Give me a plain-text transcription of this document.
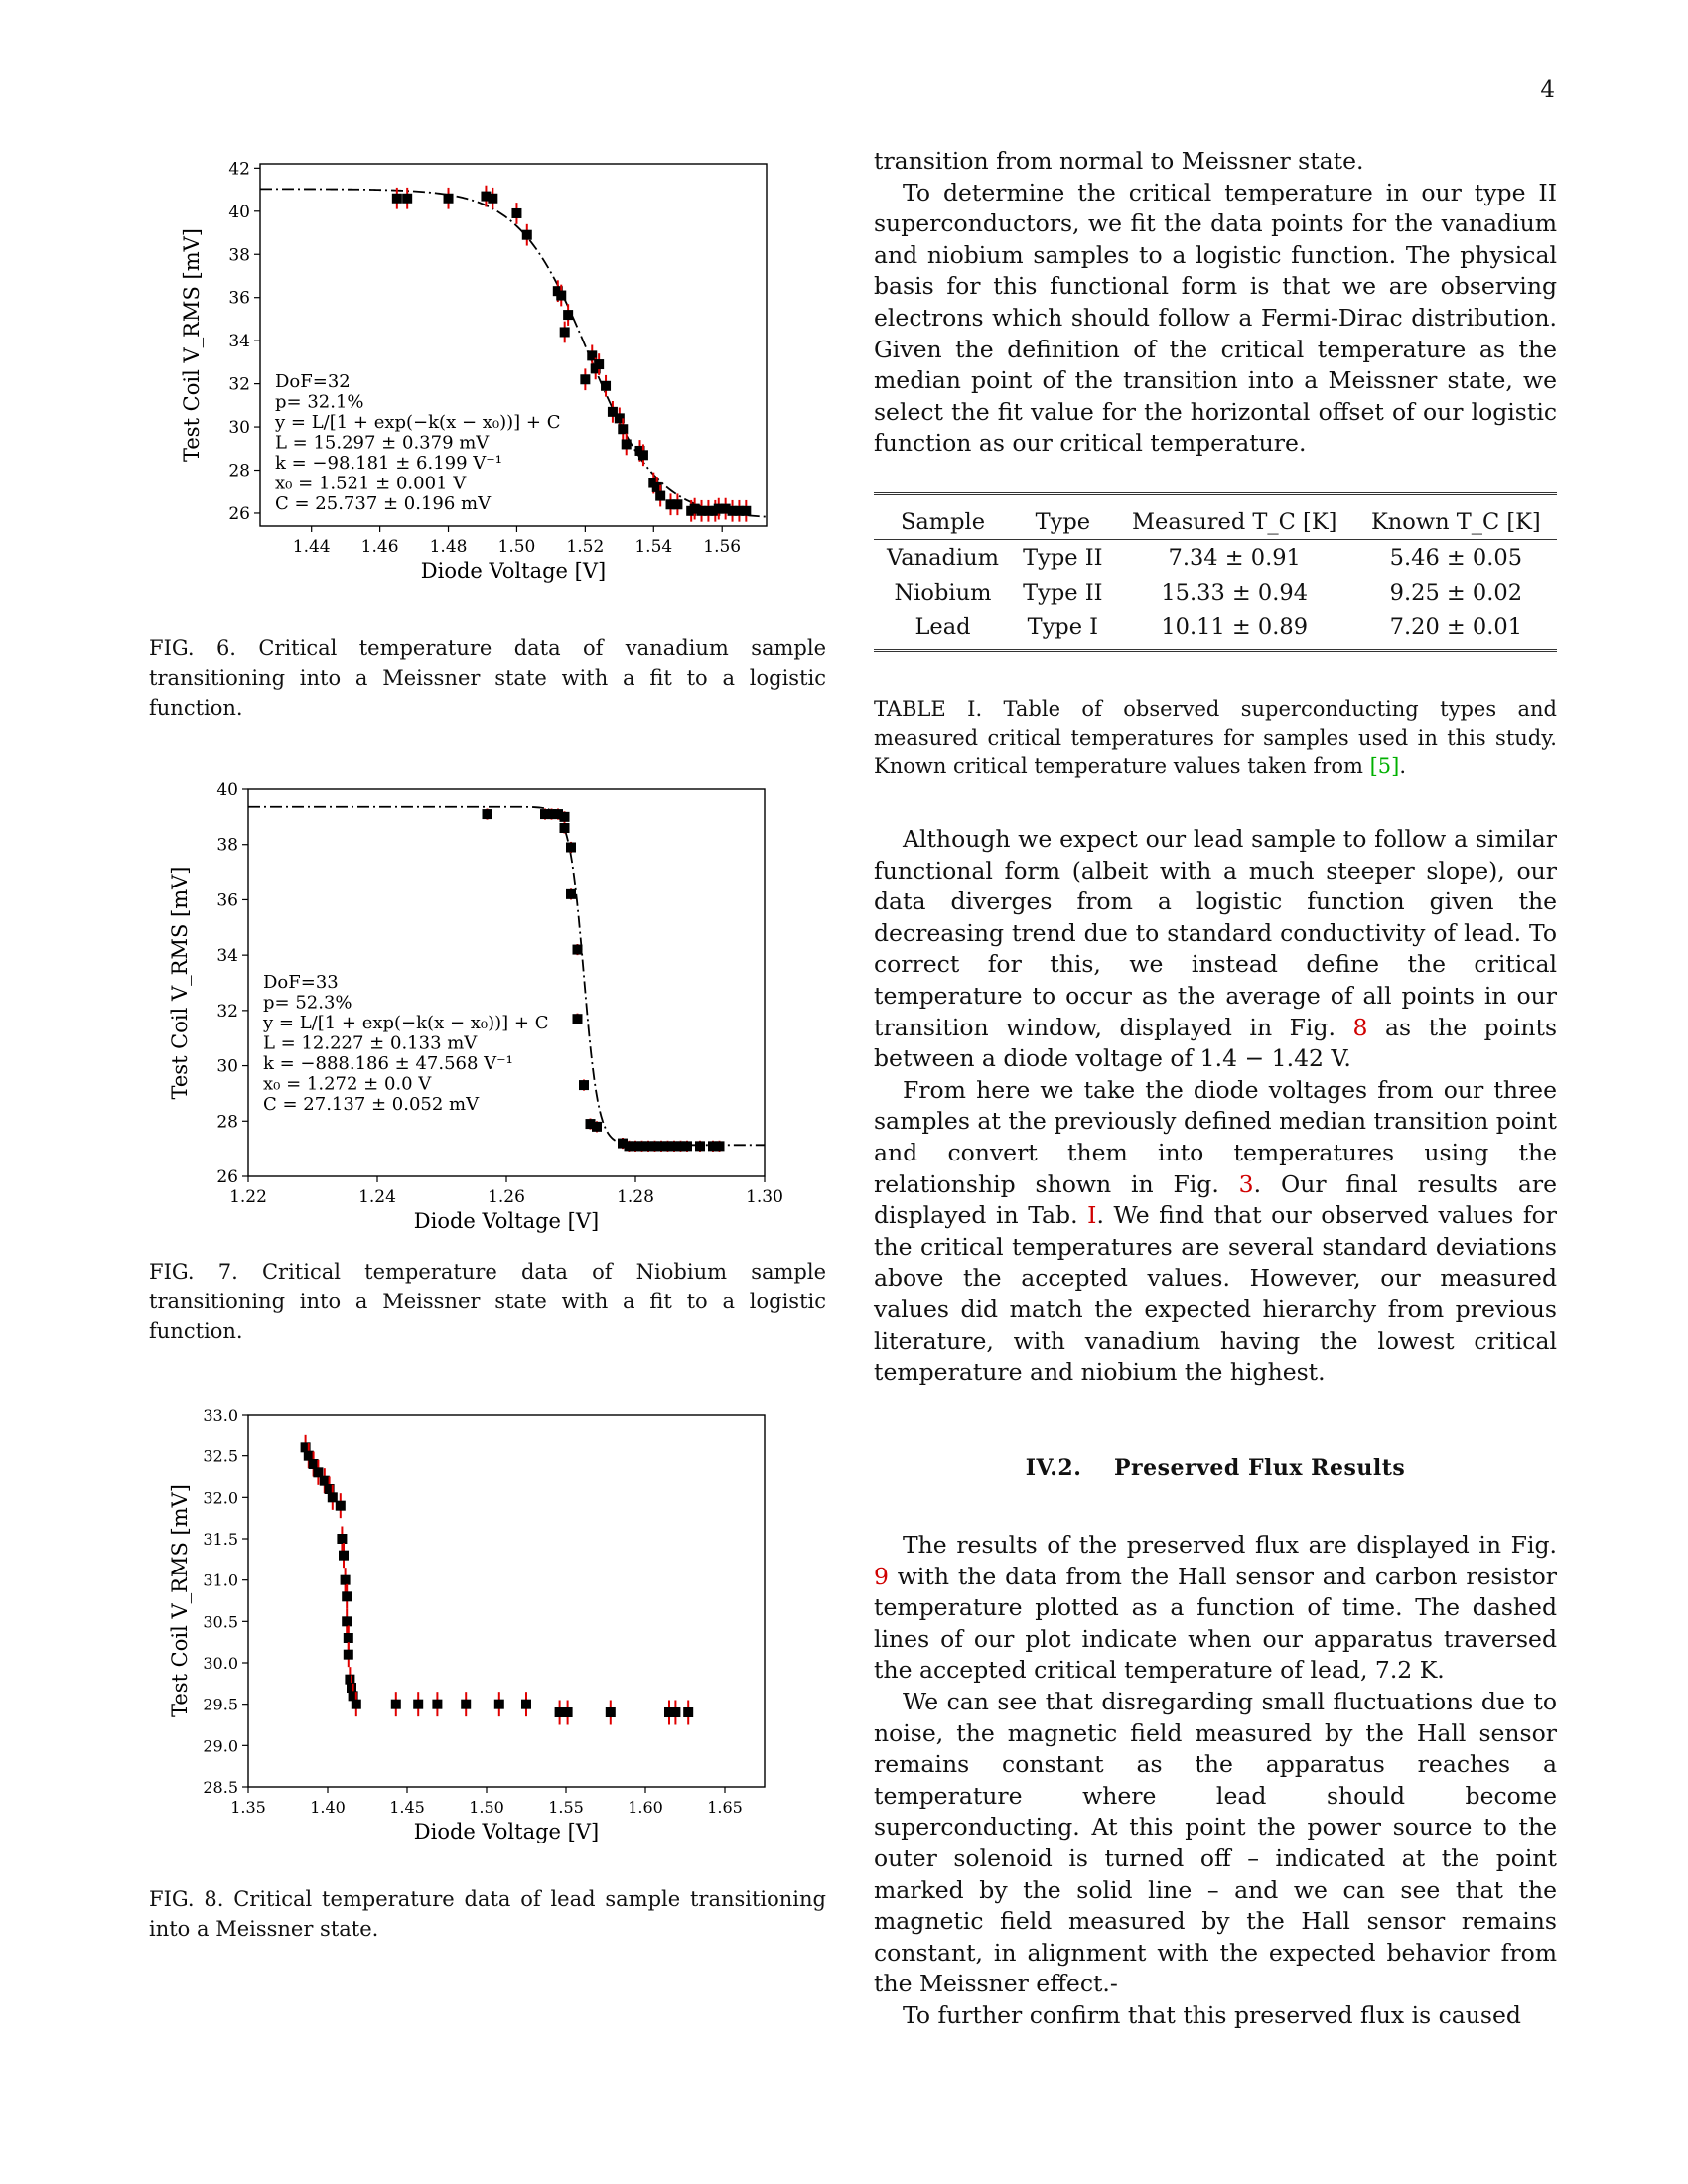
4
1.44 1.46 1.48 1.50 1.52 1.54 1.56
26
28
30
32
34
36
38
40
42
Diode Voltage [V]
Test Coil V_RMS [mV]	DoF=32
p= 32.1%
y = L/[1 + exp(−k(x − x₀))] + C
L = 15.297 ± 0.379 mV
k = −98.181 ± 6.199 V⁻¹
x₀ = 1.521 ± 0.001 V
C = 25.737 ± 0.196 mV
FIG. 6. Critical temperature data of vanadium sample transitioning into a Meissner state with a fit to a logistic function.
1.22	1.24	1.26	1.28	1.30
26
28
30
32
34
36
38
40
Diode Voltage [V]
Test Coil V_RMS [mV]	DoF=33
p= 52.3%
y = L/[1 + exp(−k(x − x₀))] + C
L = 12.227 ± 0.133 mV
k = −888.186 ± 47.568 V⁻¹
x₀ = 1.272 ± 0.0 V
C = 27.137 ± 0.052 mV
FIG. 7. Critical temperature data of Niobium sample transitioning into a Meissner state with a fit to a logistic function.
1.35	1.40	1.45	1.50	1.55	1.60	1.65
28.5
29.0
29.5
30.0
30.5
31.0
31.5
32.0
32.5
33.0
Diode Voltage [V]
Test Coil V_RMS [mV]
FIG. 8. Critical temperature data of lead sample transitioning into a Meissner state.

transition from normal to Meissner state.

To determine the critical temperature in our type II superconductors, we fit the data points for the vanadium and niobium samples to a logistic function. The physical basis for this functional form is that we are observing electrons which should follow a Fermi-Dirac distribution. Given the definition of the critical temperature as the median point of the transition into a Meissner state, we select the fit value for the horizontal offset of our logistic function as our critical temperature.

Sample	Type	Measured T_C [K]	Known T_C [K]
Vanadium	Type II	7.34 ± 0.91	5.46 ± 0.05
Niobium	Type II	15.33 ± 0.94	9.25 ± 0.02
Lead	Type I	10.11 ± 0.89	7.20 ± 0.01
TABLE I. Table of observed superconducting types and measured critical temperatures for samples used in this study. Known critical temperature values taken from [5].

Although we expect our lead sample to follow a similar functional form (albeit with a much steeper slope), our data diverges from a logistic function given the decreasing trend due to standard conductivity of lead. To correct for this, we instead define the critical temperature to occur as the average of all points in our transition window, displayed in Fig. 8 as the points between a diode voltage of 1.4 − 1.42 V.

From here we take the diode voltages from our three samples at the previously defined median transition point and convert them into temperatures using the relationship shown in Fig. 3. Our final results are displayed in Tab. I. We find that our observed values for the critical temperatures are several standard deviations above the accepted values. However, our measured values did match the expected hierarchy from previous literature, with vanadium having the lowest critical temperature and niobium the highest.

IV.2.    Preserved Flux Results

The results of the preserved flux are displayed in Fig. 9 with the data from the Hall sensor and carbon resistor temperature plotted as a function of time. The dashed lines of our plot indicate when our apparatus traversed the accepted critical temperature of lead, 7.2 K.

We can see that disregarding small fluctuations due to noise, the magnetic field measured by the Hall sensor remains constant as the apparatus reaches a temperature where lead should become superconducting. At this point the power source to the outer solenoid is turned off – indicated at the point marked by the solid line – and we can see that the magnetic field measured by the Hall sensor remains constant, in alignment with the expected behavior from the Meissner effect.-

To further confirm that this preserved flux is caused
